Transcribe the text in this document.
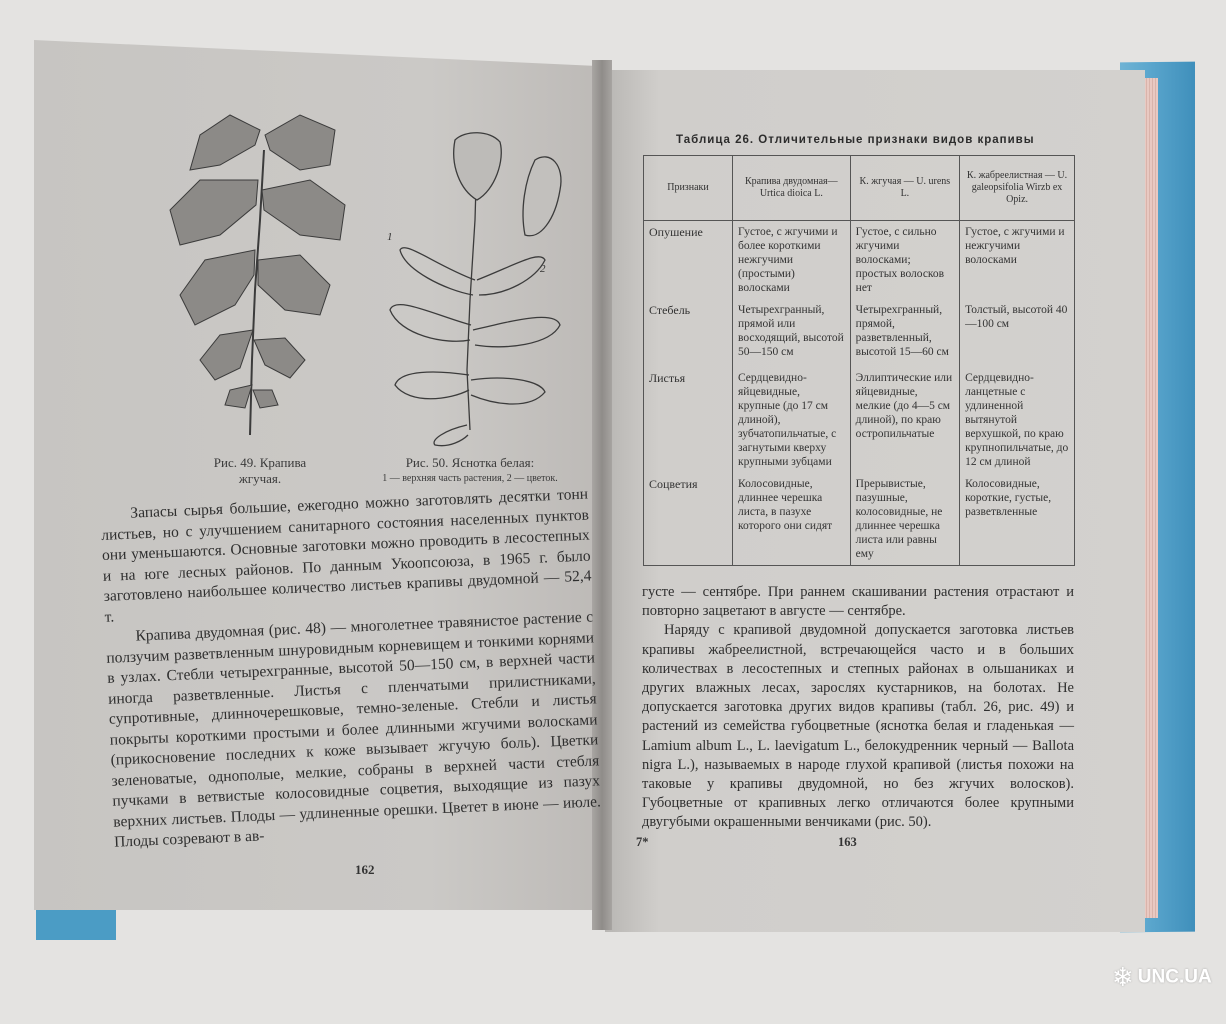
1
2
Рис. 49. Крапива
жгучая.
Рис. 50. Яснотка белая:
1 — верхняя часть растения, 2 — цветок.

Запасы сырья большие, ежегодно можно заготовлять десятки тонн листьев, но с улучшением санитарного состояния населенных пунктов они уменьшаются. Основные заготовки можно проводить в лесостепных и на юге лесных районов. По данным Укоопсоюза, в 1965 г. было заготовлено наибольшее количество листьев крапивы двудомной — 52,4 т.	Крапива двудомная (рис. 48) — многолетнее травянистое растение с ползучим разветвленным шнуровидным корневищем и тонкими корнями в узлах. Стебли четырехгранные, высотой 50—150 см, в верхней части иногда разветвленные. Листья с пленчатыми прилистниками, супротивные, длинночерешковые, темно-зеленые. Стебли и листья покрыты короткими простыми и более длинными жгучими волосками (прикосновение последних к коже вызывает жгучую боль). Цветки зеленоватые, однополые, мелкие, собраны в верхней части стебля пучками в ветвистые колосовидные соцветия, выходящие из пазух верхних листьев. Плоды — удлиненные орешки. Цветет в июне — июле. Плоды созревают в ав-

162
Таблица 26. Отличительные признаки видов крапивы
Признаки	Крапива двудомная— Urtica dioica L.	К. жгучая — U. urens L.	К. жабреелистная — U. galeopsifolia Wirzb ex Opiz.
Опушение	Густое, с жгучими и более короткими нежгучими (простыми) волосками	Густое, с сильно жгучими волосками; простых волосков нет	Густое, с жгучими и нежгучими волосками
Стебель	Четырехгранный, прямой или восходящий, высотой 50—150 см	Четырехгранный, прямой, разветвленный, высотой 15—60 см	Толстый, высотой 40—100 см
Листья	Сердцевидно-яйцевидные, крупные (до 17 см длиной), зубчатопильчатые, с загнутыми кверху крупными зубцами	Эллиптические или яйцевидные, мелкие (до 4—5 см длиной), по краю остропильчатые	Сердцевидно-ланцетные с удлиненной вытянутой верхушкой, по краю крупнопильчатые, до 12 см длиной
Соцветия	Колосовидные, длиннее черешка листа, в пазухе которого они сидят	Прерывистые, пазушные, колосовидные, не длиннее черешка листа или равны ему	Колосовидные, короткие, густые, разветвленные

густе — сентябре. При раннем скашивании растения отрастают и повторно зацветают в августе — сентябре.

Наряду с крапивой двудомной допускается заготовка листьев крапивы жабреелистной, встречающейся часто и в больших количествах в лесостепных и степных районах в ольшаниках и других влажных лесах, зарослях кустарников, на болотах. Не допускается заготовка других видов крапивы (табл. 26, рис. 49) и растений из семейства губоцветные (яснотка белая и гладенькая — Lamium album L., L. laevigatum L., белокудренник черный — Ballota nigra L.), называемых в народе глухой крапивой (листья похожи на таковые у крапивы двудомной, но без жгучих волосков). Губоцветные от крапивных легко отличаются более крупными двугубыми окрашенными венчиками (рис. 50).

7*	163
❄ UNC.UA
